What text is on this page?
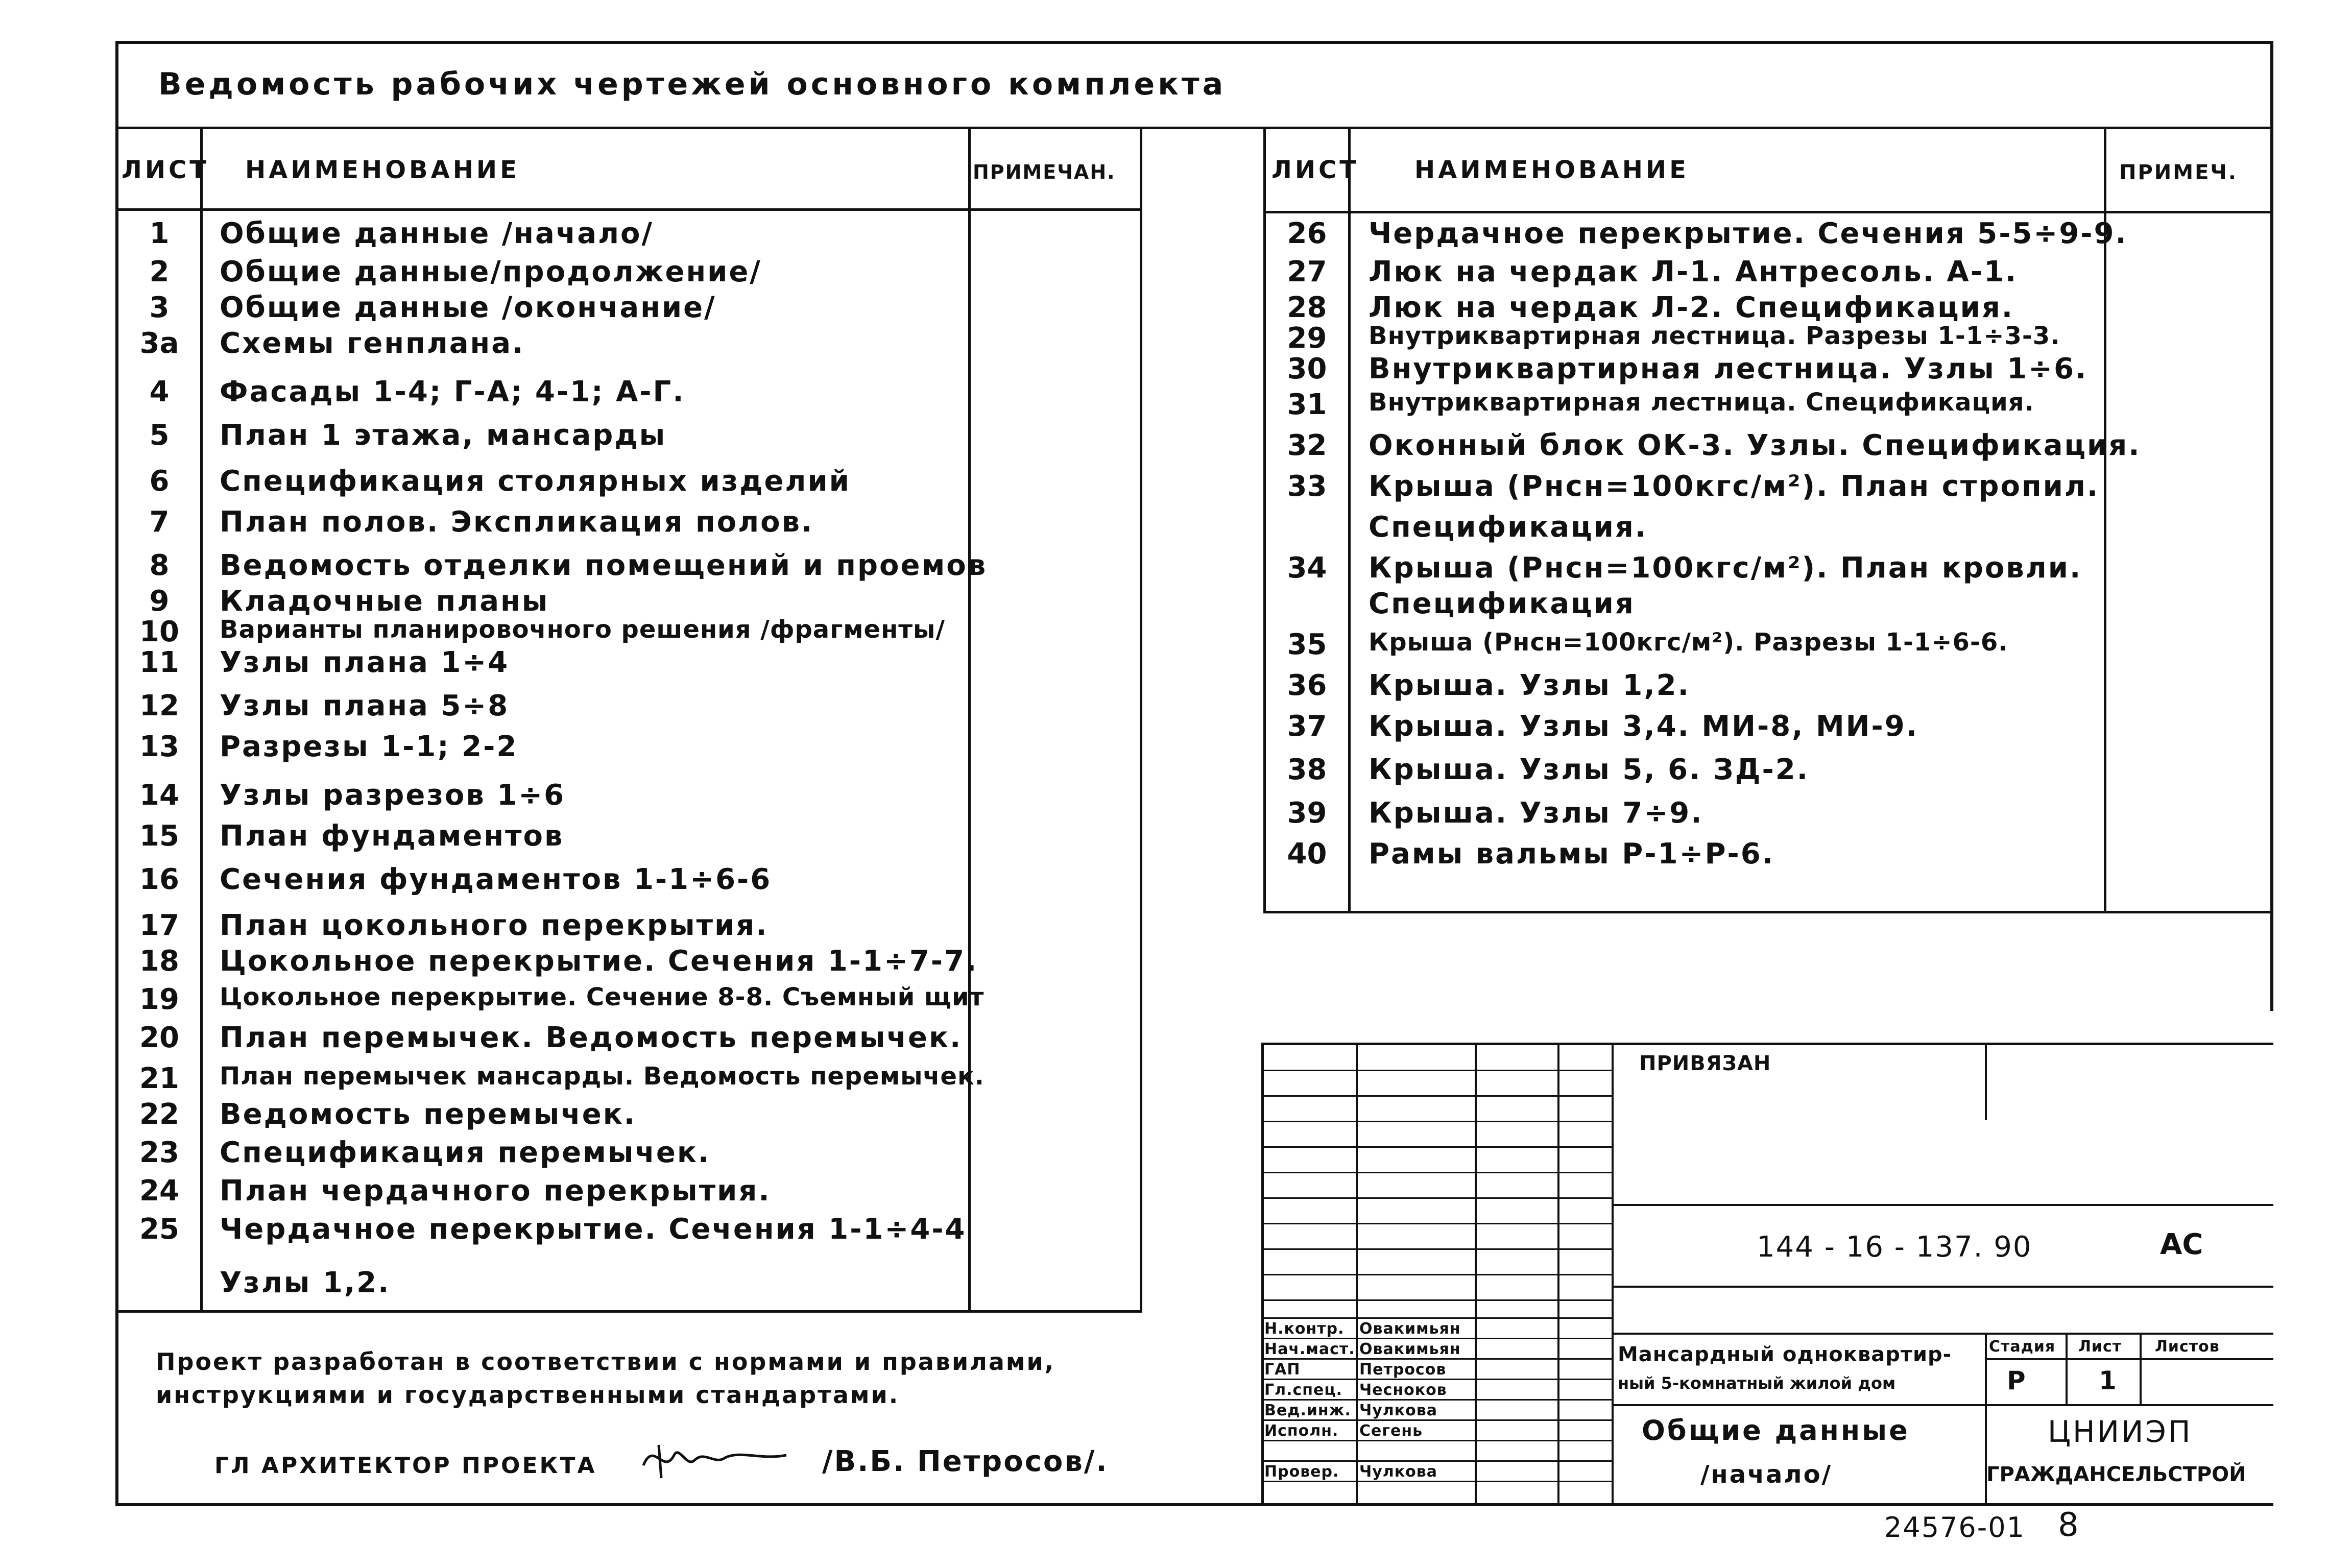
Ведомость рабочих чертежей основного комплекта
ЛИСТ НАИМЕНОВАНИЕ	ПРИМЕЧАН.
1	Общие данные /начало/
2	Общие данные/продолжение/
3	Общие данные /окончание/
3а	Схемы генплана.
4	Фасады 1-4; Г-А; 4-1; А-Г.
5	План 1 этажа, мансарды
6	Спецификация столярных изделий
7	План полов. Экспликация полов.
8	Ведомость отделки помещений и проемов
9	Кладочные планы
10	Варианты планировочного решения /фрагменты/
11	Узлы плана 1÷4
12	Узлы плана 5÷8
13	Разрезы 1-1; 2-2
14	Узлы разрезов 1÷6
15	План фундаментов
16	Сечения фундаментов 1-1÷6-6
17	План цокольного перекрытия.
18	Цокольное перекрытие. Сечения 1-1÷7-7.
19	Цокольное перекрытие. Сечение 8-8. Съемный щит
20	План перемычек. Ведомость перемычек.
21	План перемычек мансарды. Ведомость перемычек.
22	Ведомость перемычек.
23	Спецификация перемычек.
24	План чердачного перекрытия.
25	Чердачное перекрытие. Сечения 1-1÷4-4
Узлы 1,2.
ЛИСТ НАИМЕНОВАНИЕ	ПРИМЕЧ.
26	Чердачное перекрытие. Сечения 5-5÷9-9.
27	Люк на чердак Л-1. Антресоль. А-1.
28	Люк на чердак Л-2. Спецификация.
29	Внутриквартирная лестница. Разрезы 1-1÷3-3.
30	Внутриквартирная лестница. Узлы 1÷6.
31	Внутриквартирная лестница. Спецификация.
32	Оконный блок ОК-3. Узлы. Спецификация.
33	Крыша (Pнсн=100кгс/м²). План стропил.
Спецификация.
34	Крыша (Pнсн=100кгс/м²). План кровли.
Спецификация
35	Крыша (Pнсн=100кгс/м²). Разрезы 1-1÷6-6.
36	Крыша. Узлы 1,2.
37	Крыша. Узлы 3,4. МИ-8, МИ-9.
38	Крыша. Узлы 5, 6. ЗД-2.
39	Крыша. Узлы 7÷9.
40	Рамы вальмы Р-1÷Р-6.
Проект разработан в соответствии с нормами и правилами,
инструкциями и государственными стандартами.
ГЛ АРХИТЕКТОР ПРОЕКТА	/В.Б. Петросов/.
ПРИВЯЗАН
144 - 16 - 137. 90	АС
Н.контр. Овакимьян
Нач.маст. Овакимьян
ГАП	Петросов
Гл.спец. Чесноков
Вед.инж. Чулкова
Исполн. Сегень
Провер. Чулкова
Мансардный одноквартир-
ный 5-комнатный жилой дом
Общие данные
/начало/
Стадия Лист Листов
Р	1
ЦНИИЭП
ГРАЖДАНСЕЛЬСТРОЙ
24576-01 8
